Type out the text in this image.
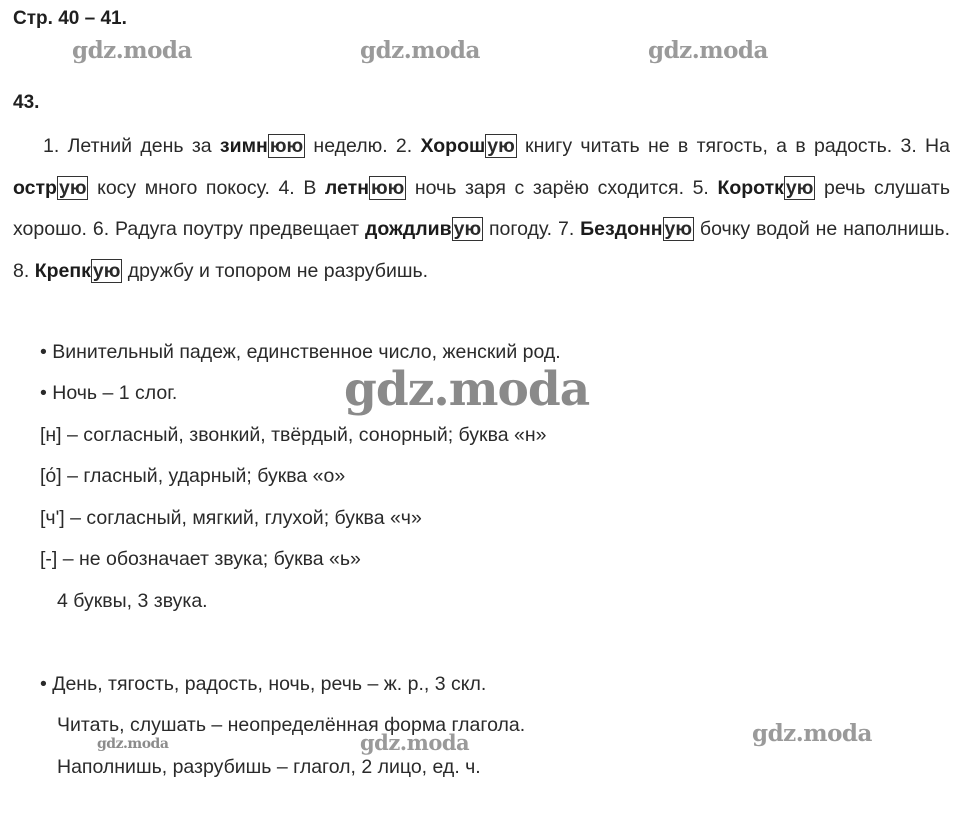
Стр. 40 – 41.
gdz.moda	gdz.moda	gdz.moda
43.
1. Летний день за зимн юю неделю. 2. Хорош ую книгу читать не в тягость, а в радость. 3. На остр ую косу много покосу. 4. В летн юю ночь заря с зарёю сходится. 5. Коротк ую речь слушать хорошо. 6. Радуга поутру предвещает дождлив ую погоду. 7. Бездонн ую бочку водой не наполнишь. 8. Крепк ую дружбу и топором не разрубишь.
• Винительный падеж, единственное число, женский род.
• Ночь – 1 слог.	gdz.moda
[н] – согласный, звонкий, твёрдый, сонорный; буква «н»
[о́] – гласный, ударный; буква «о»
[ч'] – согласный, мягкий, глухой; буква «ч»
[-] – не обозначает звука; буква «ь»
4 буквы, 3 звука.
• День, тягость, радость, ночь, речь – ж. р., 3 скл.
Читать, слушать – неопределённая форма глагола.
gdz.moda	gdz.moda	gdz.moda
Наполнишь, разрубишь – глагол, 2 лицо, ед. ч.
